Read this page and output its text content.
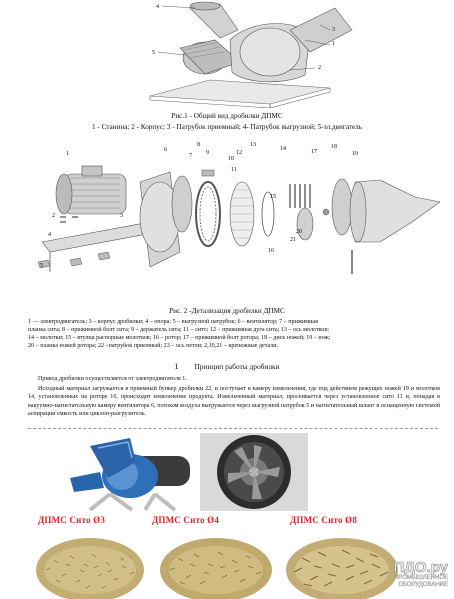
4
1
3
5
2
Рис.1 - Общий вид дробилки ДПМС
1 - Станина; 2 - Корпус; 3 - Патрубок приемный; 4- Патрубок выгрузной; 5-эл.двигатель
1
6
7
8
9
10
11
12
13
14
15
16
17
18
19
2	3
4
5
20
21
Рис. 2 -Детализация дробилки ДПМС
1 — электродвигатель; 3 – корпус дробилки; 4 – опора; 5 – выгрузной патрубок; 6 – вентилятор; 7 – прижимная
планка сита; 8 – прижимной болт сита; 9 – держатель сита; 11 – сито; 12 – прижимная дуга сита; 13 – ось молотков;
14 – молотки; 15 – втулки распорные молотков; 16 – ротор; 17 – прижимной болт ротора; 18 – диск ножей; 19 – нож;
20 – планка ножей ротора; 22 –патрубок приемный; 23 – ось петли; 2,10,21 – крепежные детали.
1 Принцип работы дробилки
Привод дробилки осуществляется от электродвигателя 1.
Исходный материал загружается в приемный бункер дробилки 22, и поступает в камеру измельчения, где под действием режущих ножей 19 и молотков 14, установленных на роторе 16, происходит измельчение продукта. Измельченный материал, просеивается через установленное сито 11 и, попадая в вакуумно-нагнетательную камеру вентилятора 6, потоком воздуха выгружается через выгрузной патрубок 5 и нагнетательный шланг в оснащенную системой аспирации емкость или циклон-разгрузитель.
ДПМС Сито Ø3	ДПМС Сито Ø4	ДПМС Сито Ø8
ПДО.ру
ПРОМЫШЛЕННОЕ
ОБОРУДОВАНИЕ
